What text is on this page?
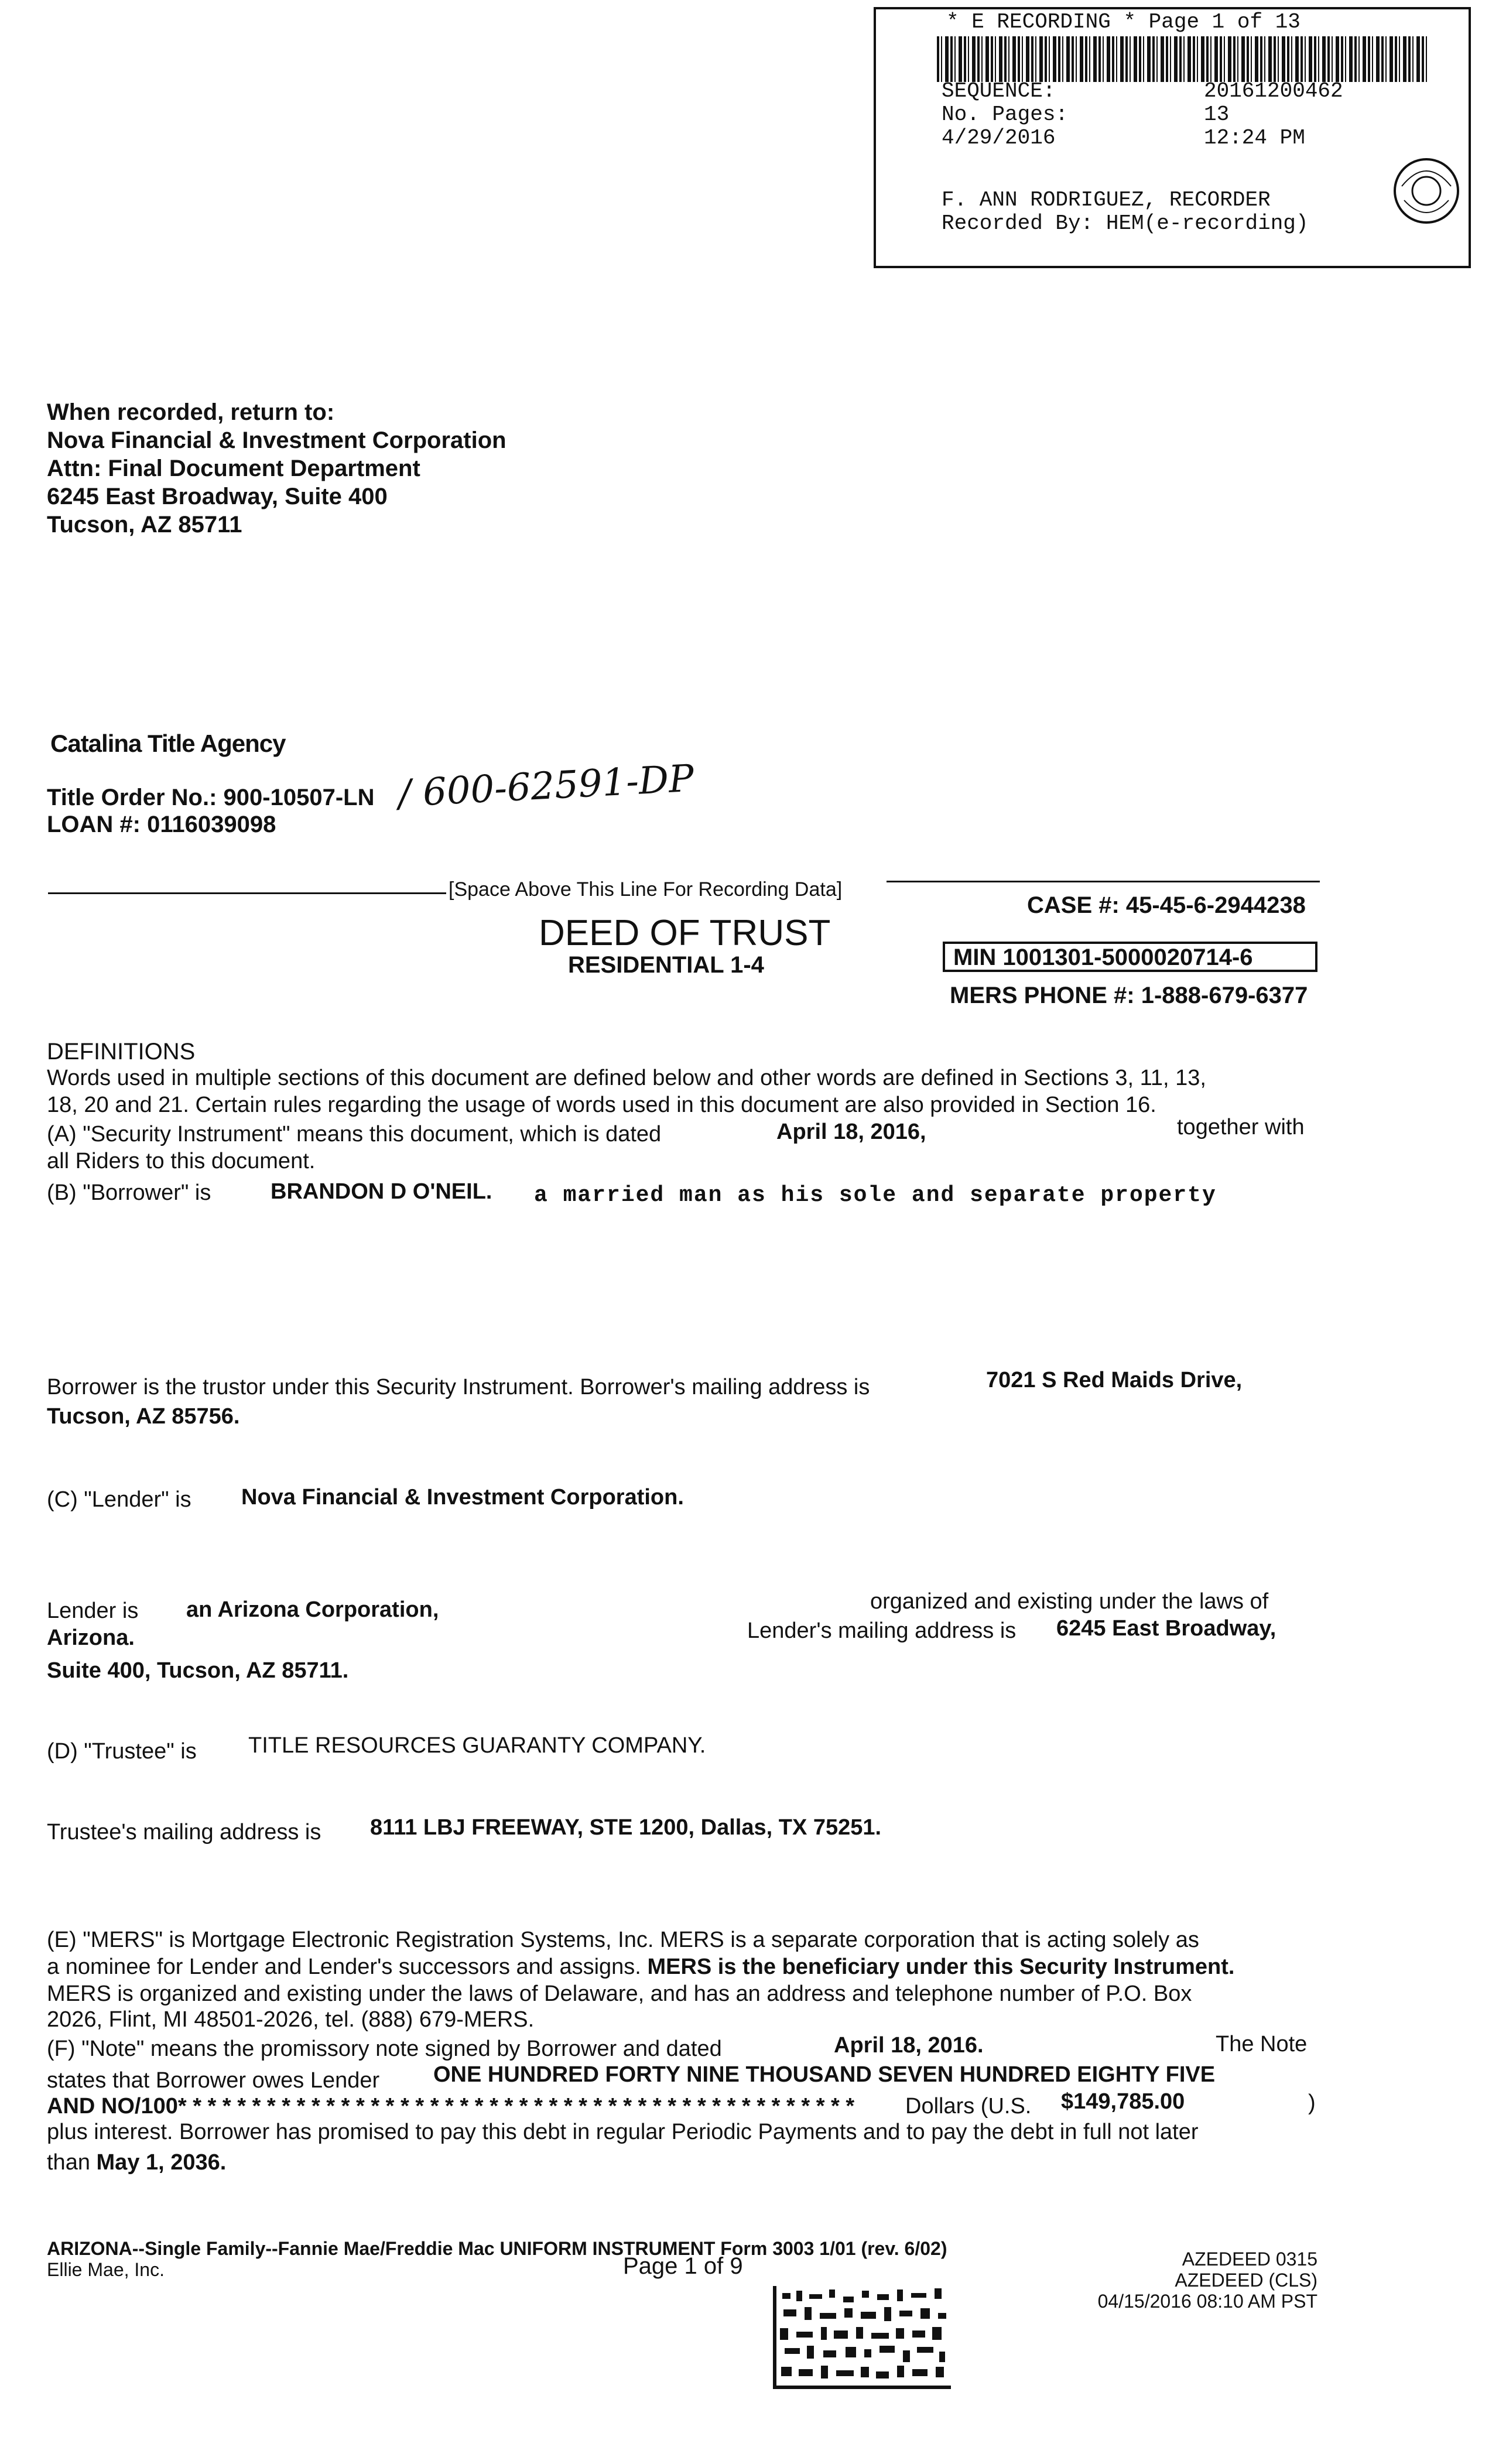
* E RECORDING * Page 1 of 13
SEQUENCE:	20161200462
No. Pages:	13
4/29/2016	12:24 PM
F. ANN RODRIGUEZ, RECORDER
Recorded By: HEM(e-recording)
When recorded, return to:
Nova Financial & Investment Corporation
Attn: Final Document Department
6245 East Broadway, Suite 400
Tucson, AZ 85711
Catalina Title Agency
Title Order No.: 900-10507-LN / 600-62591-DP
LOAN #: 0116039098
[Space Above This Line For Recording Data]
DEED OF TRUST
RESIDENTIAL 1-4
CASE #: 45-45-6-2944238
MIN 1001301-5000020714-6
MERS PHONE #: 1-888-679-6377
DEFINITIONS
Words used in multiple sections of this document are defined below and other words are defined in Sections 3, 11, 13,
18, 20 and 21. Certain rules regarding the usage of words used in this document are also provided in Section 16.
(A) "Security Instrument" means this document, which is dated	April 18, 2016,	together with
all Riders to this document.
(B) "Borrower" is	BRANDON D O'NEIL. a married man as his sole and separate property
Borrower is the trustor under this Security Instrument. Borrower's mailing address is	7021 S Red Maids Drive,
Tucson, AZ 85756.
(C) "Lender" is Nova Financial & Investment Corporation.
Lender is an Arizona Corporation,	organized and existing under the laws of
Arizona.	Lender's mailing address is 6245 East Broadway,
Suite 400, Tucson, AZ 85711.
(D) "Trustee" is TITLE RESOURCES GUARANTY COMPANY.
Trustee's mailing address is 8111 LBJ FREEWAY, STE 1200, Dallas, TX 75251.
(E) "MERS" is Mortgage Electronic Registration Systems, Inc. MERS is a separate corporation that is acting solely as
a nominee for Lender and Lender's successors and assigns. MERS is the beneficiary under this Security Instrument.
MERS is organized and existing under the laws of Delaware, and has an address and telephone number of P.O. Box
2026, Flint, MI 48501-2026, tel. (888) 679-MERS.
(F) "Note" means the promissory note signed by Borrower and dated	April 18, 2016.	The Note
states that Borrower owes Lender ONE HUNDRED FORTY NINE THOUSAND SEVEN HUNDRED EIGHTY FIVE
AND NO/100* * * * * * * * * * * * * * * * * * * * * * * * * * * * * * * * * * * * * * * * * * * * * * Dollars (U.S. $149,785.00	)
plus interest. Borrower has promised to pay this debt in regular Periodic Payments and to pay the debt in full not later
than May 1, 2036.
ARIZONA--Single Family--Fannie Mae/Freddie Mac UNIFORM INSTRUMENT Form 3003 1/01 (rev. 6/02)
Ellie Mae, Inc.	Page 1 of 9	AZEDEED 0315
AZEDEED (CLS)
04/15/2016 08:10 AM PST
